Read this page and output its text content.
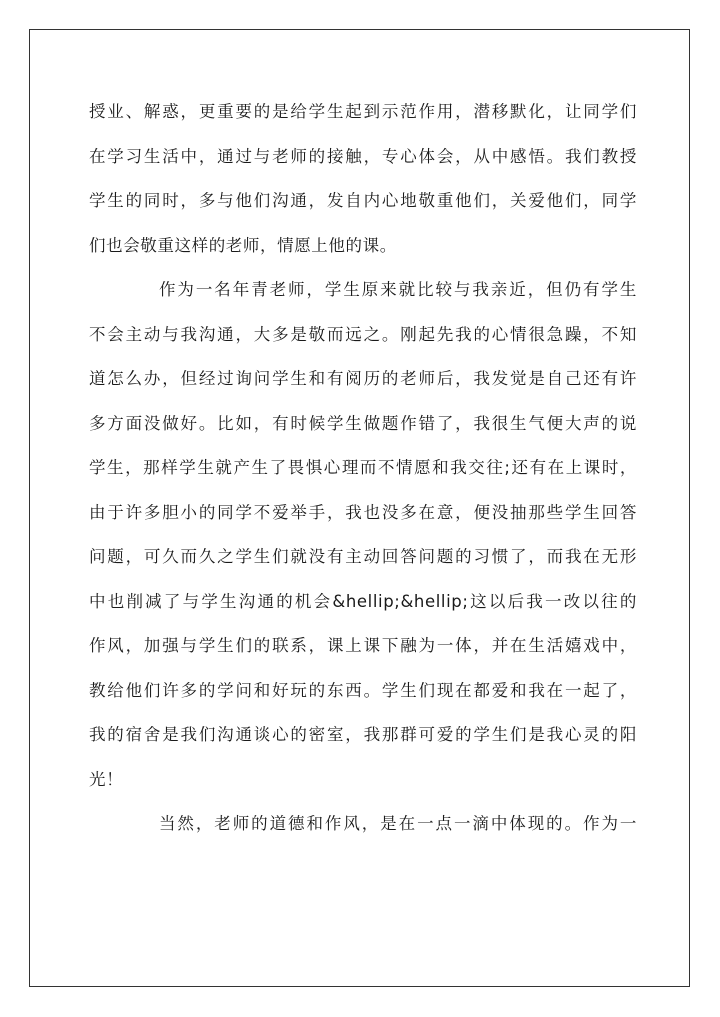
授业、解惑，更重要的是给学生起到示范作用，潜移默化，让同学们
在学习生活中，通过与老师的接触，专心体会，从中感悟。我们教授
学生的同时，多与他们沟通，发自内心地敬重他们，关爱他们，同学
们也会敬重这样的老师，情愿上他的课。
作为一名年青老师，学生原来就比较与我亲近，但仍有学生
不会主动与我沟通，大多是敬而远之。刚起先我的心情很急躁，不知
道怎么办，但经过询问学生和有阅历的老师后，我发觉是自己还有许
多方面没做好。比如，有时候学生做题作错了，我很生气便大声的说
学生，那样学生就产生了畏惧心理而不情愿和我交往;还有在上课时，
由于许多胆小的同学不爱举手，我也没多在意，便没抽那些学生回答
问题，可久而久之学生们就没有主动回答问题的习惯了，而我在无形
中也削减了与学生沟通的机会&hellip;&hellip;这以后我一改以往的
作风，加强与学生们的联系，课上课下融为一体，并在生活嬉戏中，
教给他们许多的学问和好玩的东西。学生们现在都爱和我在一起了，
我的宿舍是我们沟通谈心的密室，我那群可爱的学生们是我心灵的阳
光！
当然，老师的道德和作风，是在一点一滴中体现的。作为一
